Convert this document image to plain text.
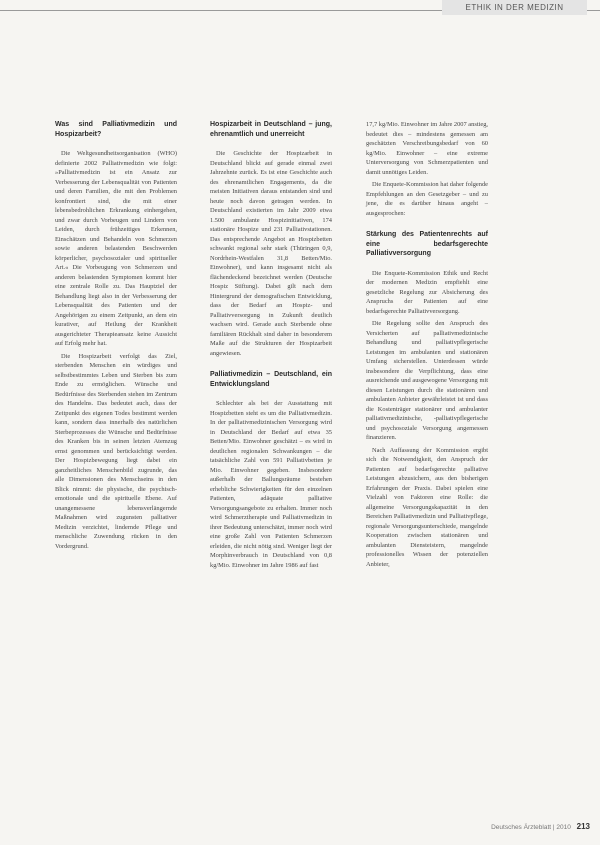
ETHIK IN DER MEDIZIN
Was sind Palliativmedizin und Hospizarbeit?

Die Weltgesundheitsorganisation (WHO) definierte 2002 Palliativmedizin wie folgt: »Palliativmedizin ist ein Ansatz zur Verbesserung der Lebensqualität von Patienten und deren Familien, die mit den Problemen konfrontiert sind, die mit einer lebensbedrohlichen Erkrankung einhergehen, und zwar durch Vorbeugen und Lindern von Leiden, durch frühzeitiges Erkennen, Einschätzen und Behandeln von Schmerzen sowie anderen belastenden Beschwerden körperlicher, psychosozialer und spiritueller Art.« Die Vorbeugung von Schmerzen und anderen belastenden Symptomen kommt hier eine zentrale Rolle zu. Das Hauptziel der Behandlung liegt also in der Verbesserung der Lebensqualität des Patienten und der Angehörigen zu einem Zeitpunkt, an dem ein kurativer, auf Heilung der Krankheit ausgerichteter Therapieansatz keine Aussicht auf Erfolg mehr hat.

Die Hospizarbeit verfolgt das Ziel, sterbenden Menschen ein würdiges und selbstbestimmtes Leben und Sterben bis zum Ende zu ermöglichen. Wünsche und Bedürfnisse des Sterbenden stehen im Zentrum des Handelns. Das bedeutet auch, dass der Zeitpunkt des eigenen Todes bestimmt werden kann, sondern dass innerhalb des natürlichen Sterbeprozesses die Wünsche und Bedürfnisse des Kranken bis in seinen letzten Atemzug ernst genommen und berücksichtigt werden. Der Hospizbewegung liegt dabei ein ganzheitliches Menschenbild zugrunde, das alle Dimensionen des Menschseins in den Blick nimmt: die physische, die psychisch-emotionale und die spirituelle Ebene. Auf unangemessene lebensverlängernde Maßnahmen wird zugunsten palliativer Medizin verzichtet, lindernde Pflege und menschliche Zuwendung rücken in den Vordergrund.

Hospizarbeit in Deutschland – jung, ehrenamtlich und unerreicht

Die Geschichte der Hospizarbeit in Deutschland blickt auf gerade einmal zwei Jahrzehnte zurück. Es ist eine Geschichte auch des ehrenamtlichen Engagements, da die meisten Initiativen daraus entstanden sind und heute noch davon getragen werden. In Deutschland existierten im Jahr 2009 etwa 1.500 ambulante Hospizinitiativen, 174 stationäre Hospize und 231 Palliativstationen. Das entsprechende Angebot an Hospizbetten schwankt regional sehr stark (Thüringen 0,9, Nordrhein-Westfalen 31,8 Betten/Mio. Einwohner), und kann insgesamt nicht als flächendeckend bezeichnet werden (Deutsche Hospiz Stiftung). Dabei gilt nach dem Hintergrund der demografischen Entwicklung, dass der Bedarf an Hospiz- und Palliativversorgung in Zukunft deutlich wachsen wird. Gerade auch Sterbende ohne familiären Rückhalt sind daher in besonderem Maße auf die Strukturen der Hospizarbeit angewiesen.

Palliativmedizin – Deutschland, ein Entwicklungsland

Schlechter als bei der Ausstattung mit Hospizbetten steht es um die Palliativmedizin. In der palliativmedizinischen Versorgung wird in Deutschland der Bedarf auf etwa 35 Betten/Mio. Einwohner geschätzt – es wird in deutlichen regionalen Schwankungen – die tatsächliche Zahl von 591 Palliativbetten je Mio. Einwohner gegeben. Insbesondere außerhalb der Ballungsräume bestehen erhebliche Schwierigkeiten für den einzelnen Patienten, adäquate palliative Versorgungsangebote zu erhalten. Immer noch wird Schmerztherapie und Palliativmedizin in ihrer Bedeutung unterschätzt, immer noch wird eine große Zahl von Patienten Schmerzen erleiden, die nicht nötig sind. Weniger liegt der Morphinverbrauch in Deutschland von 0,8 kg/Mio. Einwohner im Jahre 1986 auf fast

17,7 kg/Mio. Einwohner im Jahre 2007 anstieg, bedeutet dies – mindestens gemessen am geschätzten Verschreibungsbedarf von 60 kg/Mio. Einwohner – eine extreme Unterversorgung von Schmerzpatienten und damit unnötiges Leiden.

Die Enquete-Kommission hat daher folgende Empfehlungen an den Gesetzgeber – und zu jene, die es darüber hinaus angeht – ausgesprochen:

Stärkung des Patientenrechts auf eine bedarfsgerechte Palliativversorgung

Die Enquete-Kommission Ethik und Recht der modernen Medizin empfiehlt eine gesetzliche Regelung zur Absicherung des Anspruchs der Patienten auf eine bedarfsgerechte Palliativversorgung.

Die Regelung sollte den Anspruch des Versicherten auf palliativmedizinische Behandlung und palliativpflegerische Leistungen im ambulanten und stationären Umfang sicherstellen. Unterdessen würde insbesondere die Verpflichtung, dass eine ausreichende und ausgewogene Versorgung mit diesen Leistungen durch die stationären und ambulanten Anbieter gewährleistet ist und dass die Kostenträger stationärer und ambulanter palliativmedizinische, -palliativpflegerische und psychosoziale Versorgung angemessen finanzieren.

Nach Auffassung der Kommission ergibt sich die Notwendigkeit, den Anspruch der Patienten auf bedarfsgerechte palliative Leistungen abzusichern, aus den bisherigen Erfahrungen der Praxis. Dabei spielen eine Vielzahl von Faktoren eine Rolle: die allgemeine Versorgungskapazität in den Bereichen Palliativmedizin und Palliativpflege, regionale Versorgungsunterschiede, mangelnde Kooperation zwischen stationären und ambulanten Diensteistern, mangelnde professionelles Wissen der potenziellen Anbieter,

Deutsches Ärzteblatt | 2010 213
